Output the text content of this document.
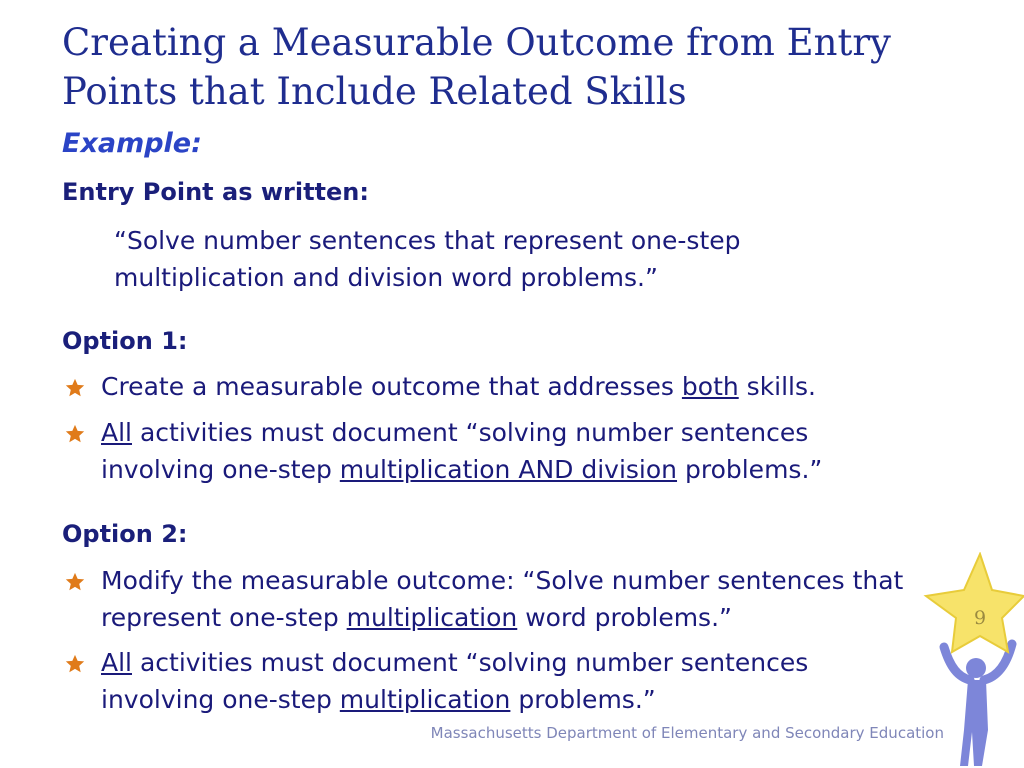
Creating a Measurable Outcome from Entry Points that Include Related Skills
Example:
Entry Point as written:
“Solve number sentences that represent one-step multiplication and division word problems.”
Option 1:
Create a measurable outcome that addresses both skills.
All activities must document “solving number sentences involving one-step multiplication AND division problems.”
Option 2:
Modify the measurable outcome: “Solve number sentences that represent one-step multiplication word problems.”
All activities must document “solving number sentences involving one-step multiplication problems.”
9
Massachusetts Department of Elementary and Secondary Education
